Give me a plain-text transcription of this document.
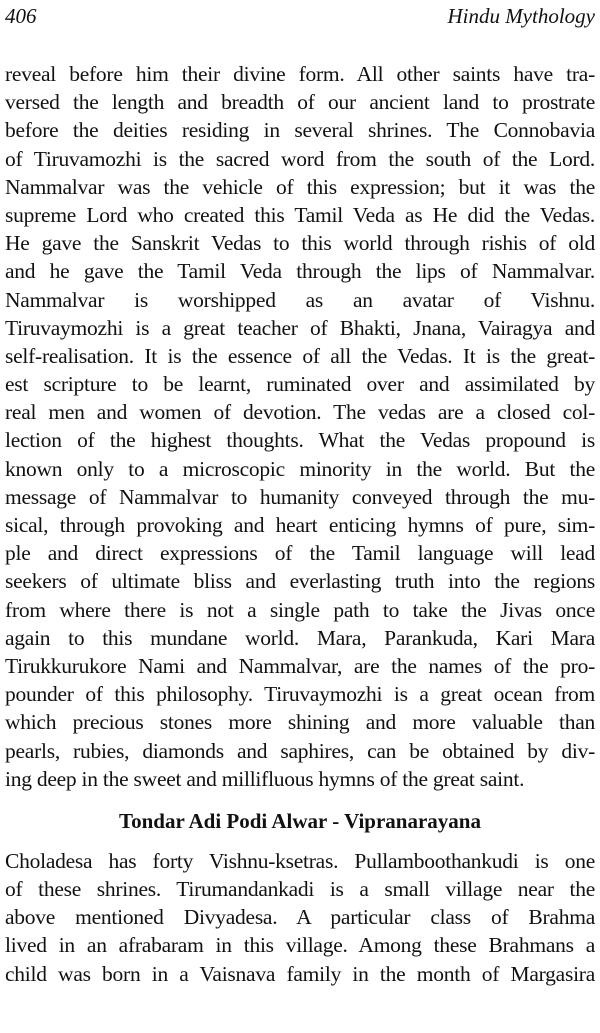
406	Hindu Mythology
reveal before him their divine form. All other saints have tra-
versed the length and breadth of our ancient land to prostrate
before the deities residing in several shrines. The Connobavia
of Tiruvamozhi is the sacred word from the south of the Lord.
Nammalvar was the vehicle of this expression; but it was the
supreme Lord who created this Tamil Veda as He did the Vedas.
He gave the Sanskrit Vedas to this world through rishis of old
and he gave the Tamil Veda through the lips of Nammalvar.
Nammalvar is worshipped as an avatar of Vishnu.
Tiruvaymozhi is a great teacher of Bhakti, Jnana, Vairagya and
self-realisation. It is the essence of all the Vedas. It is the great-
est scripture to be learnt, ruminated over and assimilated by
real men and women of devotion. The vedas are a closed col-
lection of the highest thoughts. What the Vedas propound is
known only to a microscopic minority in the world. But the
message of Nammalvar to humanity conveyed through the mu-
sical, through provoking and heart enticing hymns of pure, sim-
ple and direct expressions of the Tamil language will lead
seekers of ultimate bliss and everlasting truth into the regions
from where there is not a single path to take the Jivas once
again to this mundane world. Mara, Parankuda, Kari Mara
Tirukkurukore Nami and Nammalvar, are the names of the pro-
pounder of this philosophy. Tiruvaymozhi is a great ocean from
which precious stones more shining and more valuable than
pearls, rubies, diamonds and saphires, can be obtained by div-
ing deep in the sweet and millifluous hymns of the great saint.
Tondar Adi Podi Alwar - Vipranarayana
Choladesa has forty Vishnu-ksetras. Pullamboothankudi is one
of these shrines. Tirumandankadi is a small village near the
above mentioned Divyadesa. A particular class of Brahma
lived in an afrabaram in this village. Among these Brahmans a
child was born in a Vaisnava family in the month of Margasira
